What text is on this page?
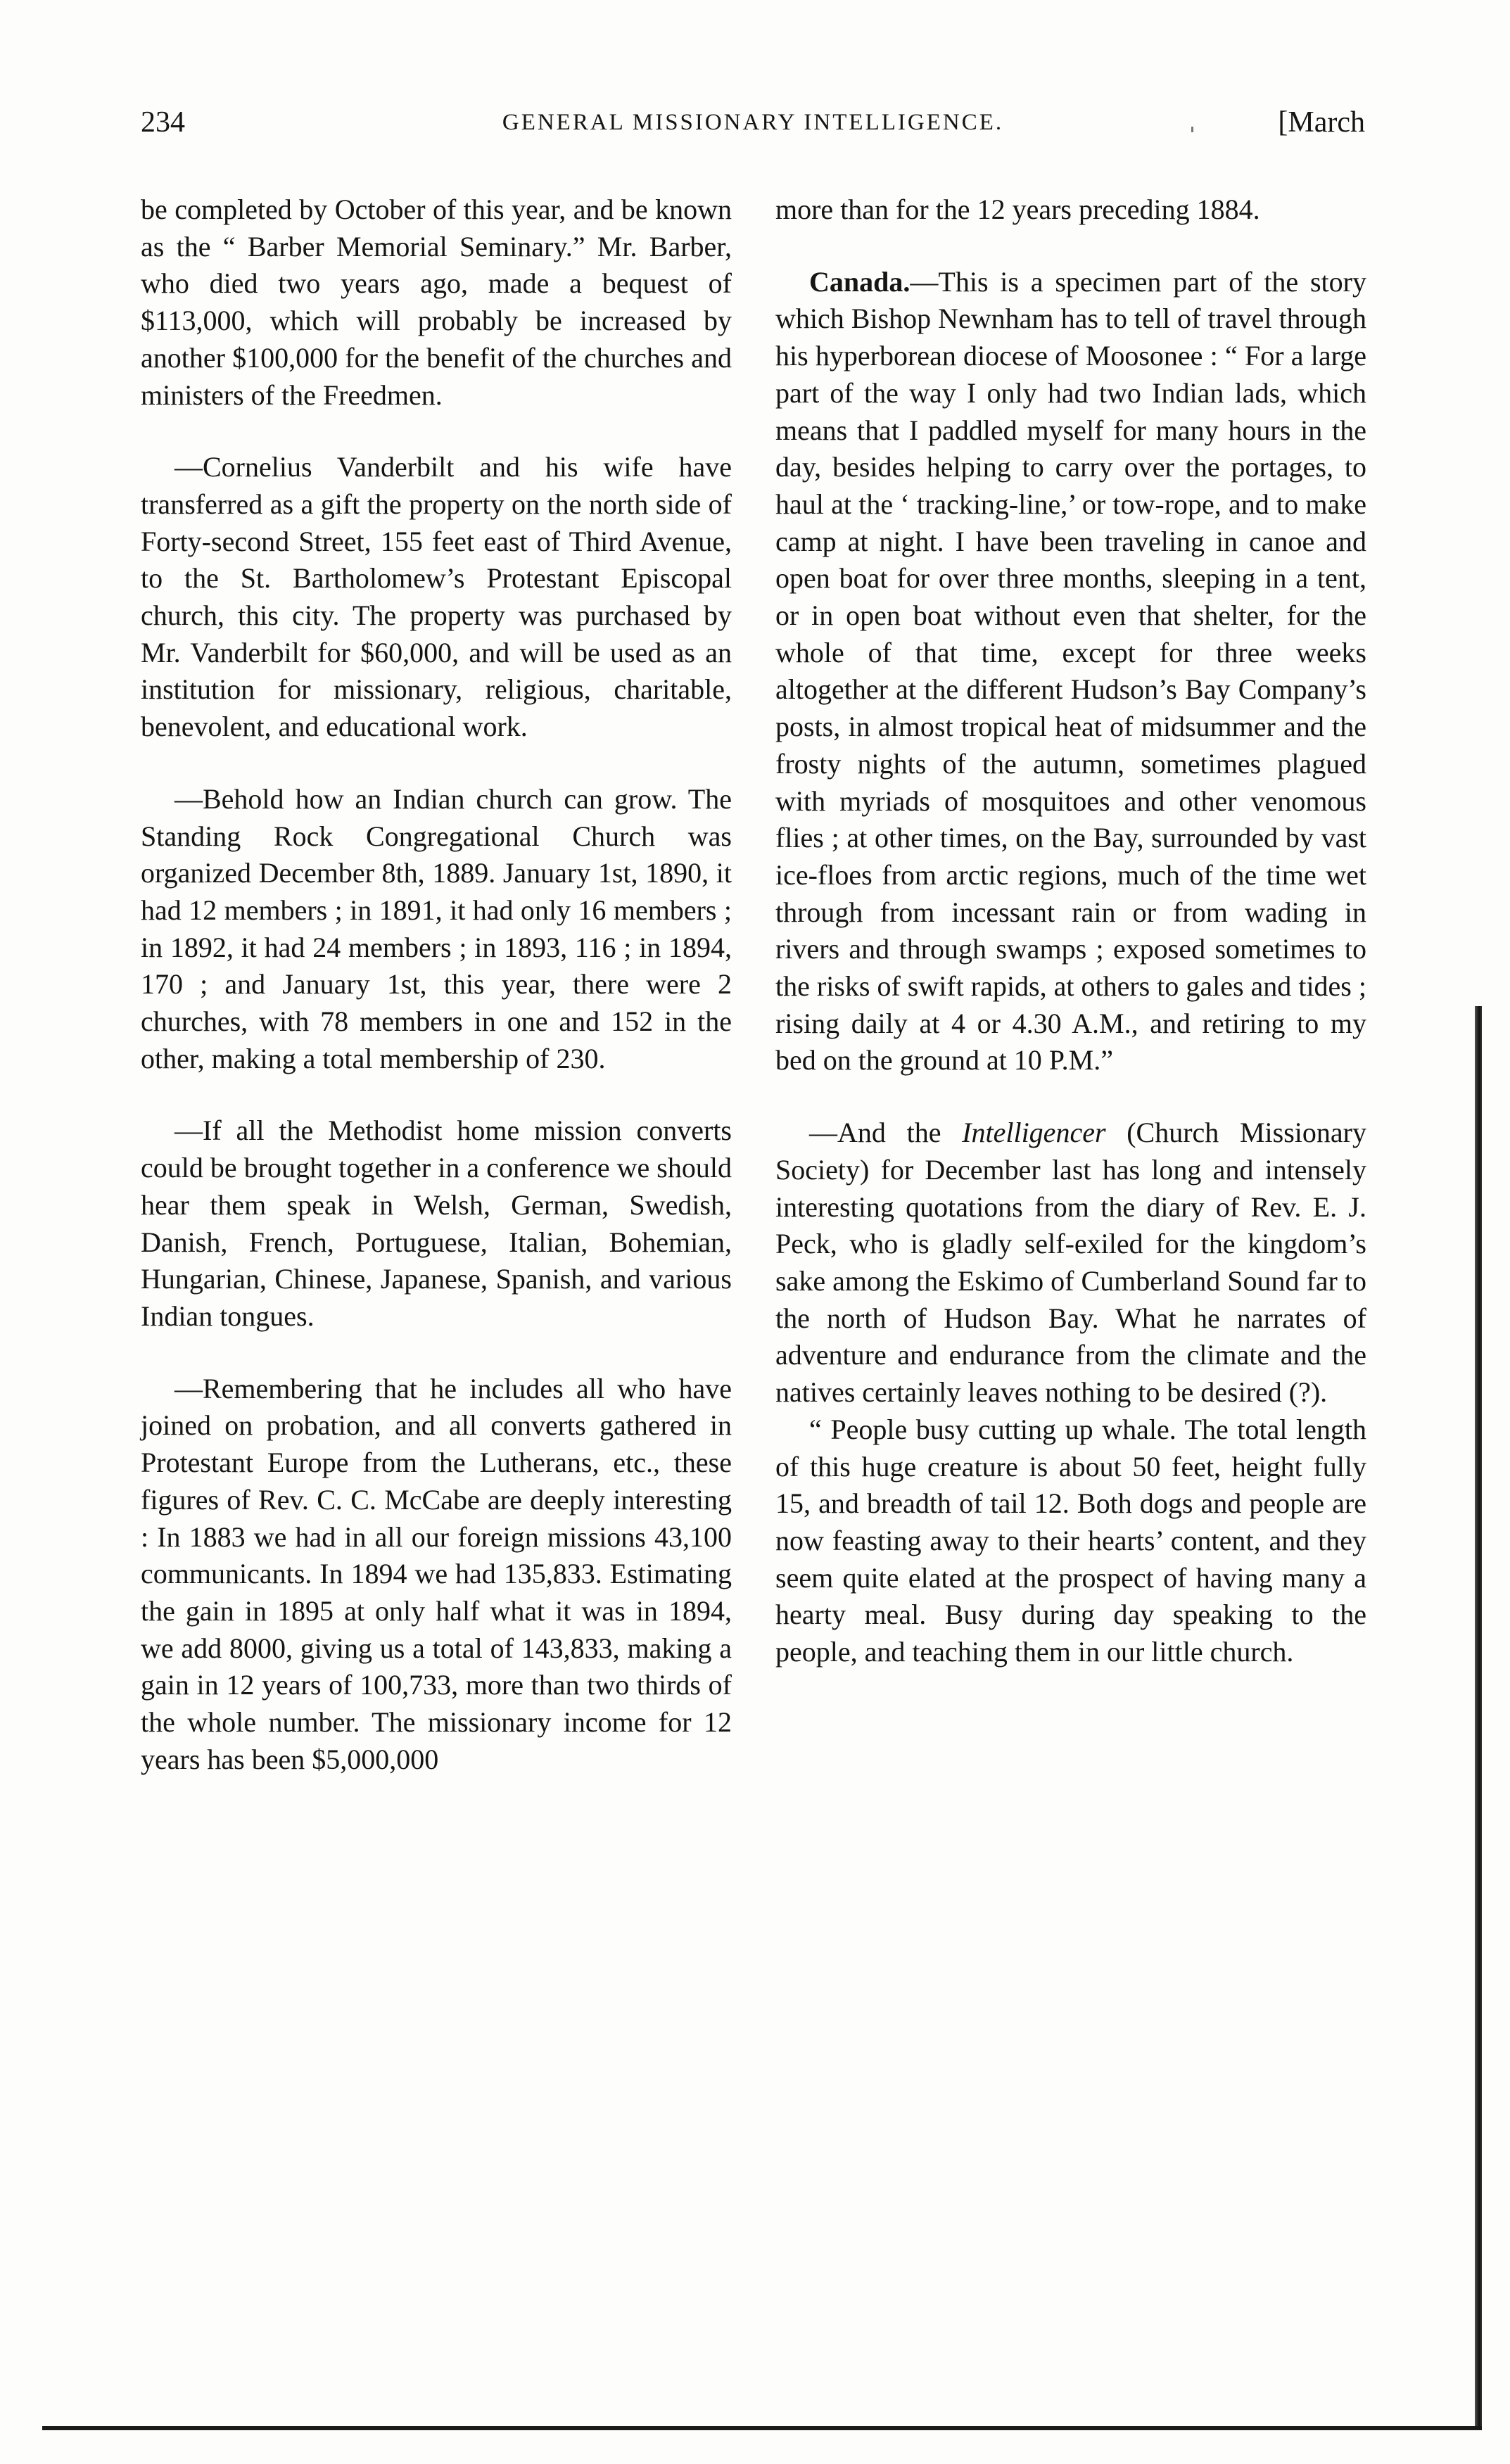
234	GENERAL MISSIONARY INTELLIGENCE.	[March

be completed by October of this year, and be known as the “ Barber Memorial Seminary.” Mr. Barber, who died two years ago, made a bequest of $113,000, which will probably be increased by another $100,000 for the benefit of the churches and ministers of the Freedmen.

—Cornelius Vanderbilt and his wife have transferred as a gift the property on the north side of Forty-second Street, 155 feet east of Third Avenue, to the St. Bartholomew’s Protestant Episcopal church, this city. The property was purchased by Mr. Vanderbilt for $60,000, and will be used as an institution for missionary, religious, charitable, benevolent, and educational work.

—Behold how an Indian church can grow. The Standing Rock Congregational Church was organized December 8th, 1889. January 1st, 1890, it had 12 members ; in 1891, it had only 16 members ; in 1892, it had 24 members ; in 1893, 116 ; in 1894, 170 ; and January 1st, this year, there were 2 churches, with 78 members in one and 152 in the other, making a total membership of 230.

—If all the Methodist home mission converts could be brought together in a conference we should hear them speak in Welsh, German, Swedish, Danish, French, Portuguese, Italian, Bohemian, Hungarian, Chinese, Japanese, Spanish, and various Indian tongues.

—Remembering that he includes all who have joined on probation, and all converts gathered in Protestant Europe from the Lutherans, etc., these figures of Rev. C. C. McCabe are deeply interesting : In 1883 we had in all our foreign missions 43,100 communicants. In 1894 we had 135,833. Estimating the gain in 1895 at only half what it was in 1894, we add 8000, giving us a total of 143,833, making a gain in 12 years of 100,733, more than two thirds of the whole number. The missionary income for 12 years has been $5,000,000

more than for the 12 years preceding 1884.

Canada.—This is a specimen part of the story which Bishop Newnham has to tell of travel through his hyperborean diocese of Moosonee : “ For a large part of the way I only had two Indian lads, which means that I paddled myself for many hours in the day, besides helping to carry over the portages, to haul at the ‘ tracking-line,’ or tow-rope, and to make camp at night. I have been traveling in canoe and open boat for over three months, sleeping in a tent, or in open boat without even that shelter, for the whole of that time, except for three weeks altogether at the different Hudson’s Bay Company’s posts, in almost tropical heat of midsummer and the frosty nights of the autumn, sometimes plagued with myriads of mosquitoes and other venomous flies ; at other times, on the Bay, surrounded by vast ice-floes from arctic regions, much of the time wet through from incessant rain or from wading in rivers and through swamps ; exposed sometimes to the risks of swift rapids, at others to gales and tides ; rising daily at 4 or 4.30 A.M., and retiring to my bed on the ground at 10 P.M.”

—And the Intelligencer (Church Missionary Society) for December last has long and intensely interesting quotations from the diary of Rev. E. J. Peck, who is gladly self-exiled for the kingdom’s sake among the Eskimo of Cumberland Sound far to the north of Hudson Bay. What he narrates of adventure and endurance from the climate and the natives certainly leaves nothing to be desired (?).

“ People busy cutting up whale. The total length of this huge creature is about 50 feet, height fully 15, and breadth of tail 12. Both dogs and people are now feasting away to their hearts’ content, and they seem quite elated at the prospect of having many a hearty meal. Busy during day speaking to the people, and teaching them in our little church.
